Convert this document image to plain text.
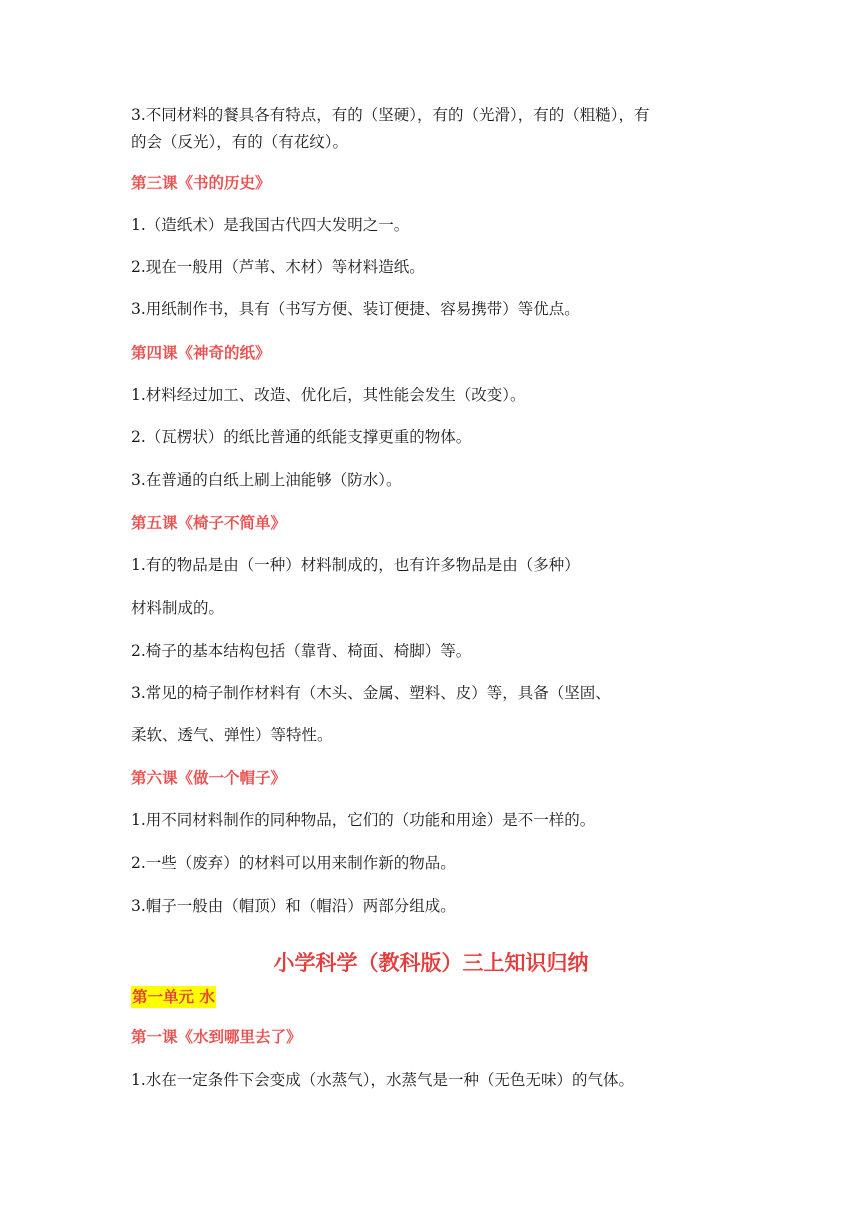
3.不同材料的餐具各有特点，有的（坚硬），有的（光滑），有的（粗糙），有
的会（反光），有的（有花纹）。
第三课《书的历史》
1.（造纸术）是我国古代四大发明之一。
2.现在一般用（芦苇、木材）等材料造纸。
3.用纸制作书，具有（书写方便、装订便捷、容易携带）等优点。
第四课《神奇的纸》
1.材料经过加工、改造、优化后，其性能会发生（改变）。
2.（瓦楞状）的纸比普通的纸能支撑更重的物体。
3.在普通的白纸上刷上油能够（防水）。
第五课《椅子不简单》
1.有的物品是由（一种）材料制成的，也有许多物品是由（多种）
材料制成的。
2.椅子的基本结构包括（靠背、椅面、椅脚）等。
3.常见的椅子制作材料有（木头、金属、塑料、皮）等，具备（坚固、
柔软、透气、弹性）等特性。
第六课《做一个帽子》
1.用不同材料制作的同种物品，它们的（功能和用途）是不一样的。
2.一些（废弃）的材料可以用来制作新的物品。
3.帽子一般由（帽顶）和（帽沿）两部分组成。
小学科学（教科版）三上知识归纳
第一单元 水
第一课《水到哪里去了》
1.水在一定条件下会变成（水蒸气），水蒸气是一种（无色无味）的气体。
